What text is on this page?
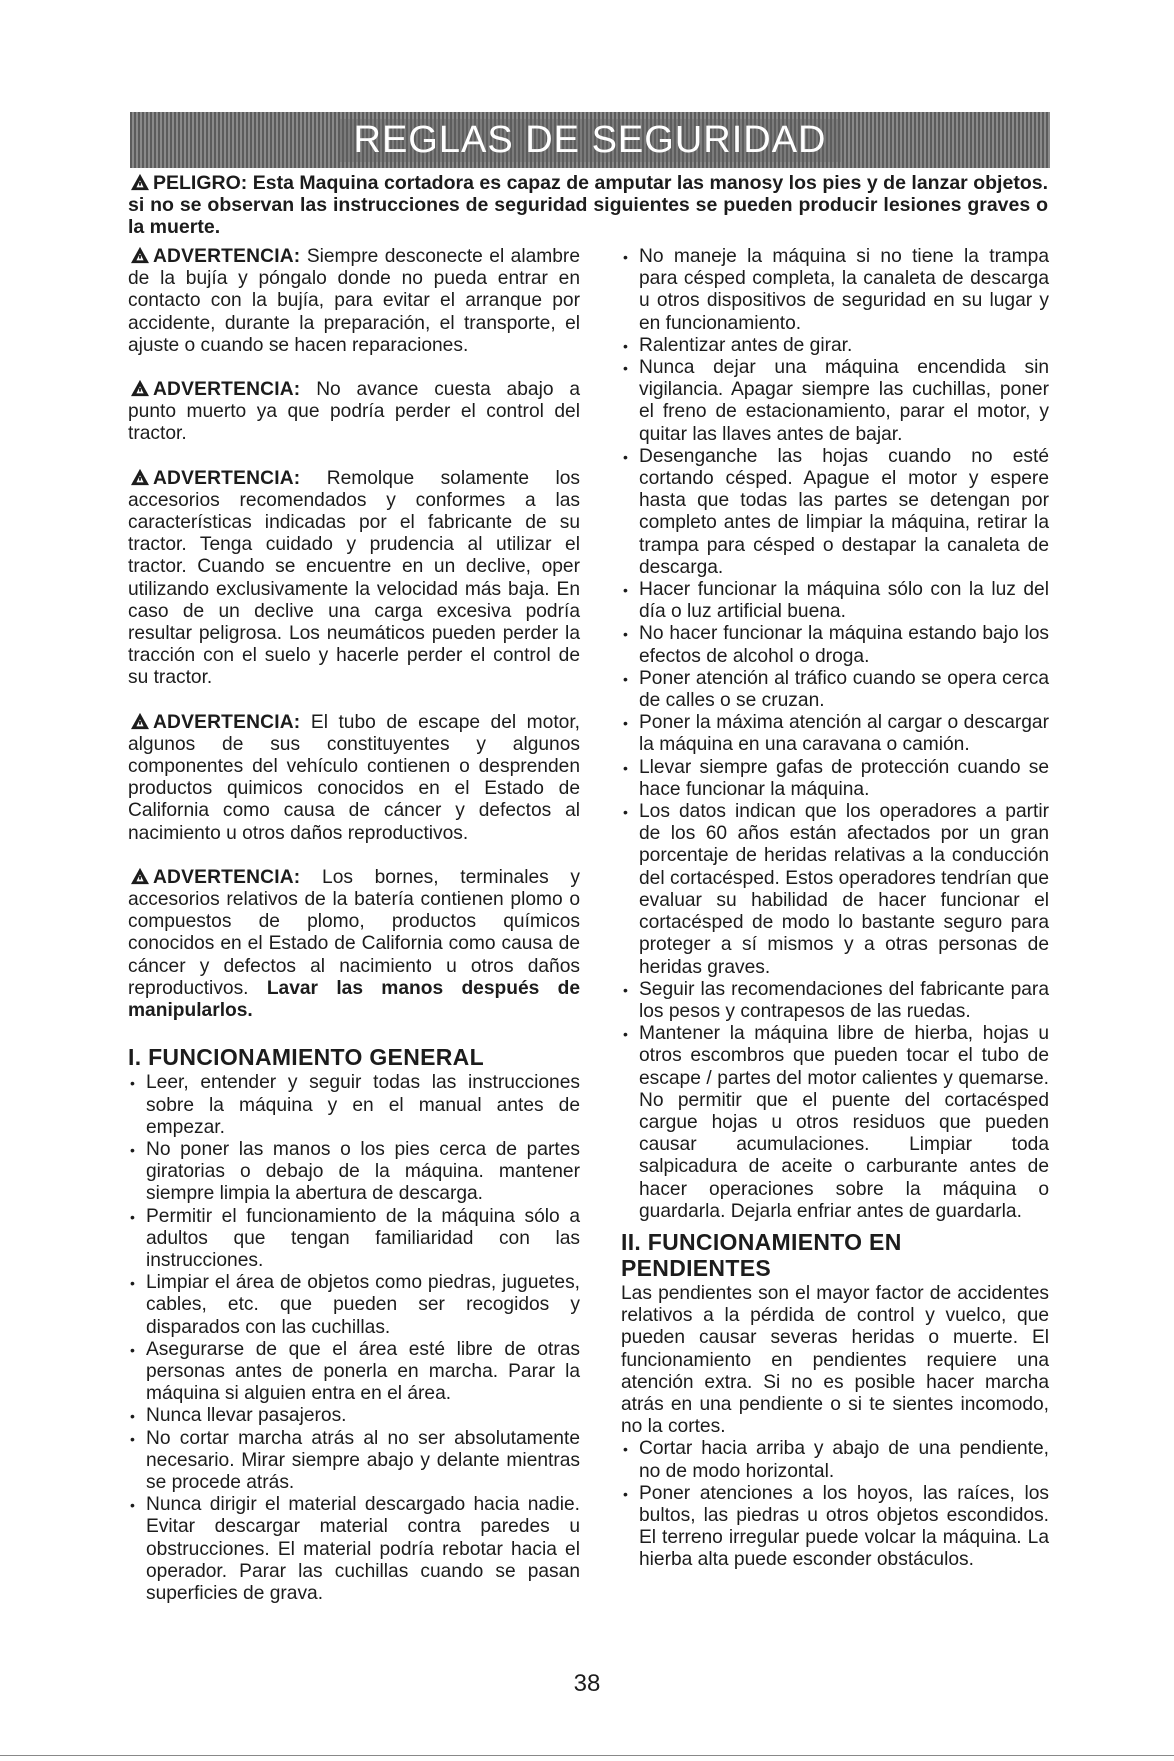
REGLAS DE SEGURIDAD
PELIGRO: Esta Maquina cortadora es capaz de amputar las manosy los pies y de lanzar objetos. si no se observan las instrucciones de seguridad siguientes se pueden producir lesiones graves o la muerte.

ADVERTENCIA: Siempre desconecte el alambre de la bujía y póngalo donde no pueda entrar en contacto con la bujía, para evitar el arranque por accidente, durante la preparación, el transporte, el ajuste o cuando se hacen reparaciones.

ADVERTENCIA: No avance cuesta abajo a punto muerto ya que podría perder el control del tractor.

ADVERTENCIA: Remolque solamente los accesorios recomendados y conformes a las características indicadas por el fabricante de su tractor. Tenga cuidado y prudencia al utilizar el tractor. Cuando se encuentre en un declive, oper utilizando exclusivamente la velocidad más baja. En caso de un declive una carga excesiva podría resultar peligrosa. Los neumáticos pueden perder la tracción con el suelo y hacerle perder el control de su tractor.

ADVERTENCIA: El tubo de escape del motor, algunos de sus constituyentes y algunos componentes del vehículo contienen o desprenden productos quimicos conocidos en el Estado de California como causa de cáncer y defectos al nacimiento u otros daños reproductivos.

ADVERTENCIA: Los bornes, terminales y accesorios relativos de la batería contienen plomo o compuestos de plomo, productos químicos conocidos en el Estado de California como causa de cáncer y defectos al nacimiento u otros daños reproductivos. Lavar las manos después de manipularlos.

I. FUNCIONAMIENTO GENERAL
• Leer, entender y seguir todas las instrucciones sobre la máquina y en el manual antes de empezar.
• No poner las manos o los pies cerca de partes giratorias o debajo de la máquina. mantener siempre limpia la abertura de descarga.
• Permitir el funcionamiento de la máquina sólo a adultos que tengan familiaridad con las instrucciones.
• Limpiar el área de objetos como piedras, juguetes, cables, etc. que pueden ser recogidos y disparados con las cuchillas.
• Asegurarse de que el área esté libre de otras personas antes de ponerla en marcha. Parar la máquina si alguien entra en el área.
• Nunca llevar pasajeros.
• No cortar marcha atrás al no ser absolutamente necesario. Mirar siempre abajo y delante mientras se procede atrás.
• Nunca dirigir el material descargado hacia nadie. Evitar descargar material contra paredes u obstrucciones. El material podría rebotar hacia el operador. Parar las cuchillas cuando se pasan superficies de grava.
• No maneje la máquina si no tiene la trampa para césped completa, la canaleta de descarga u otros dispositivos de seguridad en su lugar y en funcionamiento.
• Ralentizar antes de girar.
• Nunca dejar una máquina encendida sin vigilancia. Apagar siempre las cuchillas, poner el freno de estacionamiento, parar el motor, y quitar las llaves antes de bajar.
• Desenganche las hojas cuando no esté cortando césped. Apague el motor y espere hasta que todas las partes se detengan por completo antes de limpiar la máquina, retirar la trampa para césped o destapar la canaleta de descarga.
• Hacer funcionar la máquina sólo con la luz del día o luz artificial buena.
• No hacer funcionar la máquina estando bajo los efectos de alcohol o droga.
• Poner atención al tráfico cuando se opera cerca de calles o se cruzan.
• Poner la máxima atención al cargar o descargar la máquina en una caravana o camión.
• Llevar siempre gafas de protección cuando se hace funcionar la máquina.
• Los datos indican que los operadores a partir de los 60 años están afectados por un gran porcentaje de heridas relativas a la conducción del cortacésped. Estos operadores tendrían que evaluar su habilidad de hacer funcionar el cortacésped de modo lo bastante seguro para proteger a sí mismos y a otras personas de heridas graves.
• Seguir las recomendaciones del fabricante para los pesos y contrapesos de las ruedas.
• Mantener la máquina libre de hierba, hojas u otros escombros que pueden tocar el tubo de escape / partes del motor calientes y quemarse. No permitir que el puente del cortacésped cargue hojas u otros residuos que pueden causar acumulaciones. Limpiar toda salpicadura de aceite o carburante antes de hacer operaciones sobre la máquina o guardarla. Dejarla enfriar antes de guardarla.
II. FUNCIONAMIENTO EN PENDIENTES

Las pendientes son el mayor factor de accidentes relativos a la pérdida de control y vuelco, que pueden causar severas heridas o muerte. El funcionamiento en pendientes requiere una atención extra. Si no es posible hacer marcha atrás en una pendiente o si te sientes incomodo, no la cortes.

• Cortar hacia arriba y abajo de una pendiente, no de modo horizontal.
• Poner atenciones a los hoyos, las raíces, los bultos, las piedras u otros objetos escondidos. El terreno irregular puede volcar la máquina. La hierba alta puede esconder obstáculos.
38
